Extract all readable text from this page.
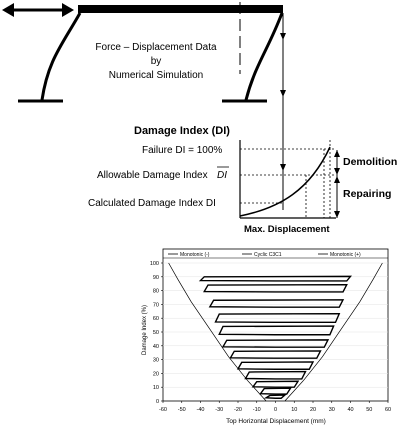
Force – Displacement Data
by
Numerical Simulation
Damage Index (DI)
Failure DI = 100%
Allowable Damage Index DI
Calculated Damage Index DI
Demolition
Repairing
Max. Displacement
Monotonic (-)	Cyclic C3C1	Monotonic (+)
0
10
20
30
40
50
60
70
80
90
100
-60 -50 -40 -30 -20 -10 0	10 20 30 40 50 60
Damage Index (%)
Top Horizontal Displacement (mm)
